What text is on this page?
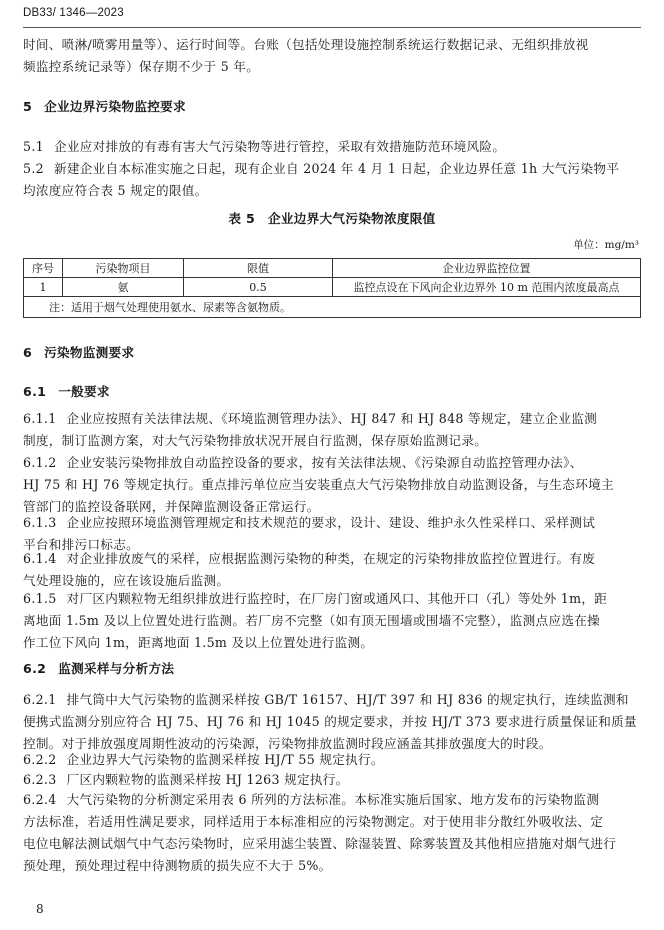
DB33/ 1346—2023
时间、喷淋/喷雾用量等）、运行时间等。台账（包括处理设施控制系统运行数据记录、无组织排放视
频监控系统记录等）保存期不少于 5 年。
5 企业边界污染物监控要求
5.1 企业应对排放的有毒有害大气污染物等进行管控，采取有效措施防范环境风险。
5.2 新建企业自本标准实施之日起，现有企业自 2024 年 4 月 1 日起，企业边界任意 1h 大气污染物平
均浓度应符合表 5 规定的限值。
表 5　企业边界大气污染物浓度限值
单位：mg/m³
序号	污染物项目	限值	企业边界监控位置
1	氨	0.5	监控点设在下风向企业边界外 10 m 范围内浓度最高点
注：适用于烟气处理使用氨水、尿素等含氨物质。			
6 污染物监测要求
6.1 一般要求
6.1.1 企业应按照有关法律法规、《环境监测管理办法》、HJ 847 和 HJ 848 等规定，建立企业监测
制度，制订监测方案，对大气污染物排放状况开展自行监测，保存原始监测记录。
6.1.2 企业安装污染物排放自动监控设备的要求，按有关法律法规、《污染源自动监控管理办法》、
HJ 75 和 HJ 76 等规定执行。重点排污单位应当安装重点大气污染物排放自动监测设备，与生态环境主
管部门的监控设备联网，并保障监测设备正常运行。
6.1.3 企业应按照环境监测管理规定和技术规范的要求，设计、建设、维护永久性采样口、采样测试
平台和排污口标志。
6.1.4 对企业排放废气的采样，应根据监测污染物的种类，在规定的污染物排放监控位置进行。有废
气处理设施的，应在该设施后监测。
6.1.5 对厂区内颗粒物无组织排放进行监控时，在厂房门窗或通风口、其他开口（孔）等处外 1m，距
离地面 1.5m 及以上位置处进行监测。若厂房不完整（如有顶无围墙或围墙不完整），监测点应选在操
作工位下风向 1m，距离地面 1.5m 及以上位置处进行监测。
6.2 监测采样与分析方法
6.2.1 排气筒中大气污染物的监测采样按 GB/T 16157、HJ/T 397 和 HJ 836 的规定执行，连续监测和
便携式监测分别应符合 HJ 75、HJ 76 和 HJ 1045 的规定要求，并按 HJ/T 373 要求进行质量保证和质量
控制。对于排放强度周期性波动的污染源，污染物排放监测时段应涵盖其排放强度大的时段。
6.2.2 企业边界大气污染物的监测采样按 HJ/T 55 规定执行。
6.2.3 厂区内颗粒物的监测采样按 HJ 1263 规定执行。
6.2.4 大气污染物的分析测定采用表 6 所列的方法标准。本标准实施后国家、地方发布的污染物监测
方法标准，若适用性满足要求，同样适用于本标准相应的污染物测定。对于使用非分散红外吸收法、定
电位电解法测试烟气中气态污染物时，应采用滤尘装置、除湿装置、除雾装置及其他相应措施对烟气进行
预处理，预处理过程中待测物质的损失应不大于 5%。
8
